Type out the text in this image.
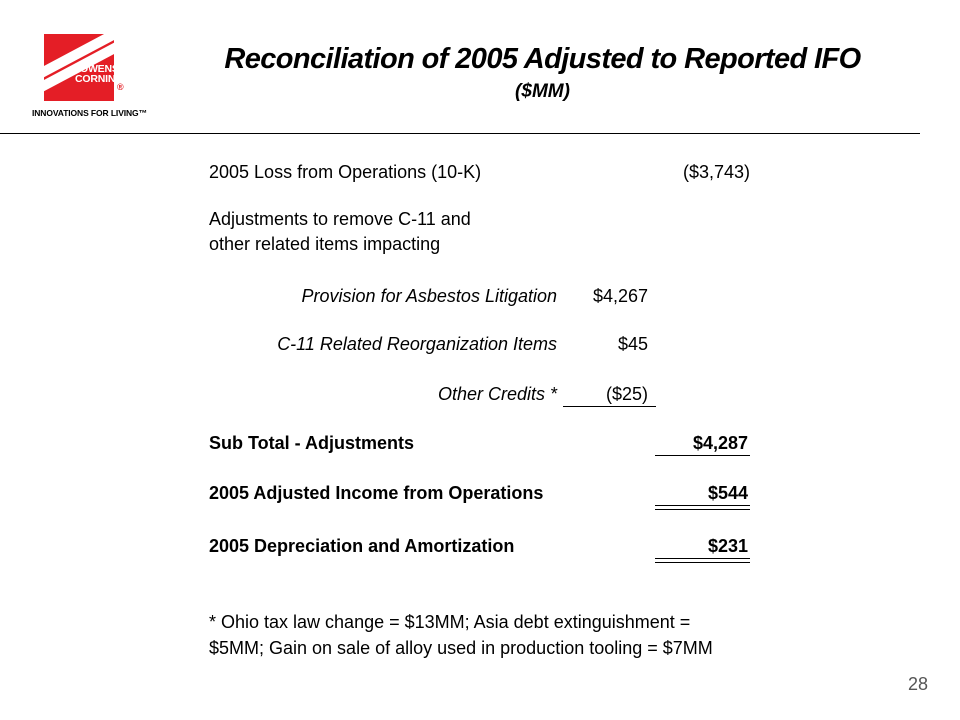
OWENS
CORNING
®
INNOVATIONS FOR LIVING™
Reconciliation of 2005 Adjusted to Reported IFO
($MM)
2005 Loss from Operations (10-K)	($3,743)
Adjustments to remove C-11 and
other related items impacting
Provision for Asbestos Litigation	$4,267
C-11 Related Reorganization Items	$45
Other Credits *	($25)
Sub Total - Adjustments	$4,287
2005 Adjusted Income from Operations	$544
2005 Depreciation and Amortization	$231
* Ohio tax law change = $13MM; Asia debt extinguishment =
$5MM; Gain on sale of alloy used in production tooling = $7MM
28
